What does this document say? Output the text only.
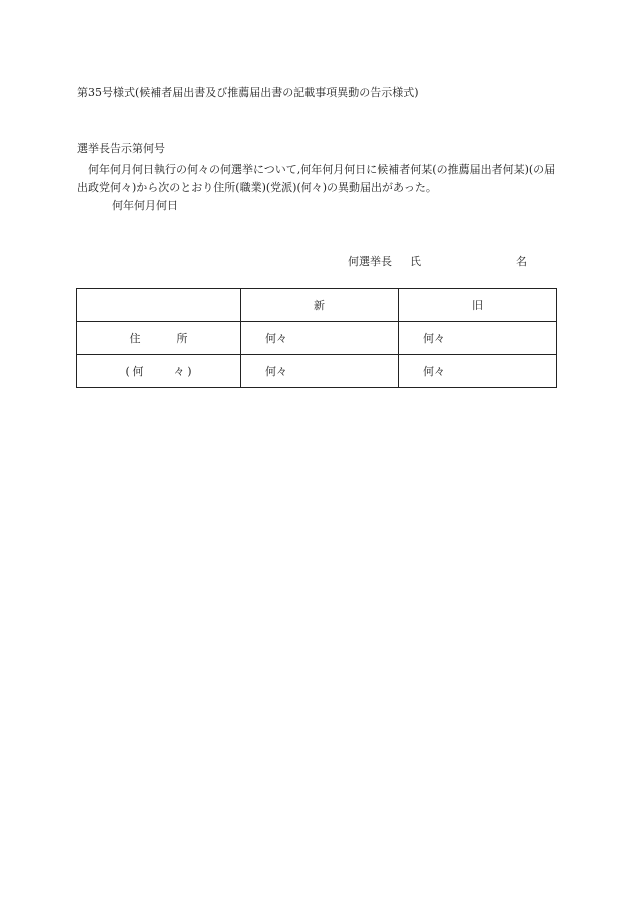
第35号様式(候補者届出書及び推薦届出書の記載事項異動の告示様式)
選挙長告示第何号
何年何月何日執行の何々の何選挙について,何年何月何日に候補者何某(の推薦届出者何某)(の届出政党何々)から次のとおり住所(職業)(党派)(何々)の異動届出があった。
何年何月何日
何選挙長 氏	名
	新	旧
住　　所	何々	何々
(何　　々)	何々	何々
